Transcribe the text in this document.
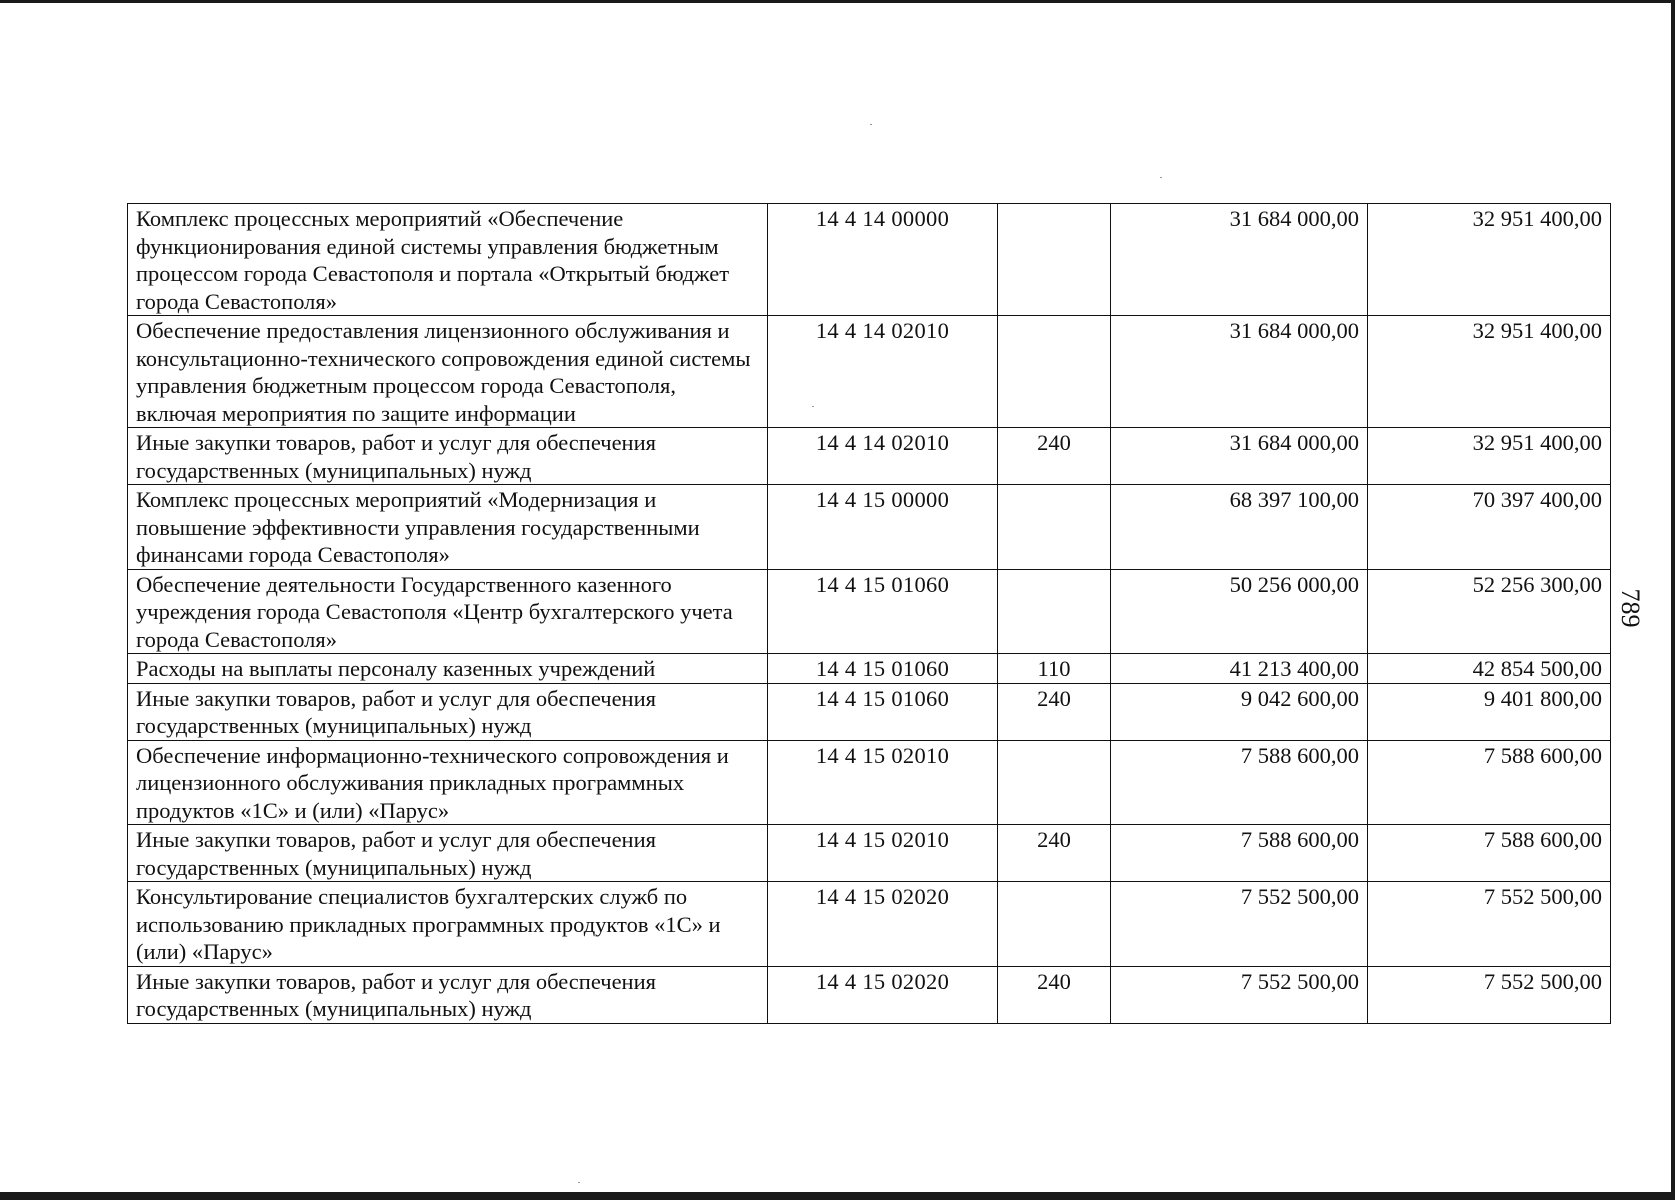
Комплекс процессных мероприятий «Обеспечение функционирования единой системы управления бюджетным процессом города Севастополя и портала «Открытый бюджет города Севастополя»	14 4 14 00000		31 684 000,00	32 951 400,00
Обеспечение предоставления лицензионного обслуживания и консультационно-технического сопровождения единой системы управления бюджетным процессом города Севастополя, включая мероприятия по защите информации	14 4 14 02010		31 684 000,00	32 951 400,00
Иные закупки товаров, работ и услуг для обеспечения государственных (муниципальных) нужд	14 4 14 02010	240	31 684 000,00	32 951 400,00
Комплекс процессных мероприятий «Модернизация и повышение эффективности управления государственными финансами города Севастополя»	14 4 15 00000		68 397 100,00	70 397 400,00
Обеспечение деятельности Государственного казенного учреждения города Севастополя «Центр бухгалтерского учета города Севастополя»	14 4 15 01060		50 256 000,00	52 256 300,00
Расходы на выплаты персоналу казенных учреждений	14 4 15 01060	110	41 213 400,00	42 854 500,00
Иные закупки товаров, работ и услуг для обеспечения государственных (муниципальных) нужд	14 4 15 01060	240	9 042 600,00	9 401 800,00
Обеспечение информационно-технического сопровождения и лицензионного обслуживания прикладных программных продуктов «1С» и (или) «Парус»	14 4 15 02010		7 588 600,00	7 588 600,00
Иные закупки товаров, работ и услуг для обеспечения государственных (муниципальных) нужд	14 4 15 02010	240	7 588 600,00	7 588 600,00
Консультирование специалистов бухгалтерских служб по использованию прикладных программных продуктов «1С» и (или) «Парус»	14 4 15 02020		7 552 500,00	7 552 500,00
Иные закупки товаров, работ и услуг для обеспечения государственных (муниципальных) нужд	14 4 15 02020	240	7 552 500,00	7 552 500,00
789
